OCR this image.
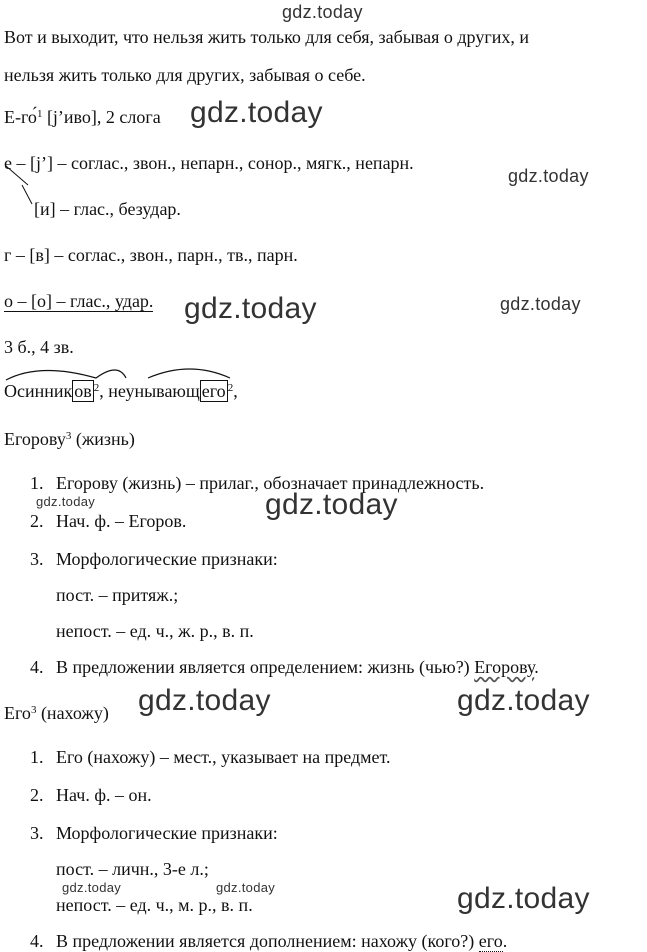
gdz.today
gdz.today
gdz.today
gdz.today	gdz.today
gdz.today	gdz.today
gdz.today	gdz.today
gdz.today	gdz.today	gdz.today
Вот и выходит, что нельзя жить только для себя, забывая о других, и
нельзя жить только для других, забывая о себе.
Е-го́$^1$ [j’иво], 2 слога
е – [j’] – соглас., звон., непарн., сонор., мягк., непарн.
[и] – глас., безудар.
г – [в] – соглас., звон., парн., тв., парн.
о – [о] – глас., удар.
3 б., 4 зв.
Осинник ов $^2$, неунывающ его $^2$,
Егорову$^3$ (жизнь)
1. Егорову (жизнь) – прилаг., обозначает принадлежность.
2. Нач. ф. – Егоров.
3. Морфологические признаки:
пост. – притяж.;
непост. – ед. ч., ж. р., в. п.
4. В предложении является определением: жизнь (чью?) Егорову.
Его$^3$ (нахожу)
1. Его (нахожу) – мест., указывает на предмет.
2. Нач. ф. – он.
3. Морфологические признаки:
пост. – личн., 3-е л.;
непост. – ед. ч., м. р., в. п.
4. В предложении является дополнением: нахожу (кого?) его.
